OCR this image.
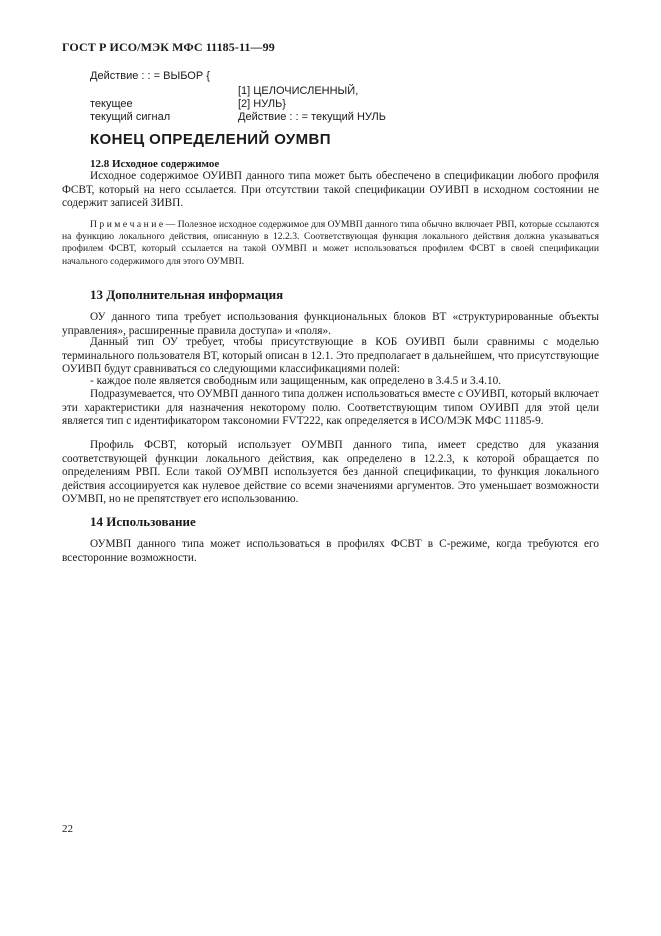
ГОСТ Р ИСО/МЭК МФС 11185-11—99
Действие : : = ВЫБОР {
[1] ЦЕЛОЧИСЛЕННЫЙ,
текущее	[2] НУЛЬ}
текущий сигнал	Действие : : = текущий НУЛЬ
КОНЕЦ ОПРЕДЕЛЕНИЙ ОУМВП
12.8 Исходное содержимое

Исходное содержимое ОУИВП данного типа может быть обеспечено в спецификации любого профиля ФСВТ, который на него ссылается. При отсутствии такой спецификации ОУИВП в исходном состоянии не содержит записей ЗИВП.

П р и м е ч а н и е — Полезное исходное содержимое для ОУМВП данного типа обычно включает РВП, которые ссылаются на функцию локального действия, описанную в 12.2.3. Соответствующая функция локального действия должна указываться профилем ФСВТ, который ссылается на такой ОУМВП и может использоваться профилем ФСВТ в своей спецификации начального содержимого для этого ОУМВП.

13 Дополнительная информация

ОУ данного типа требует использования функциональных блоков ВТ «структурированные объекты управления», расширенные правила доступа» и «поля».

Данный тип ОУ требует, чтобы присутствующие в КОБ ОУИВП были сравнимы с моделью терминального пользователя ВТ, который описан в 12.1. Это предполагает в дальнейшем, что присутствующие ОУИВП будут сравниваться со следующими классификациями полей:

- каждое поле является свободным или защищенным, как определено в 3.4.5 и 3.4.10.

Подразумевается, что ОУМВП данного типа должен использоваться вместе с ОУИВП, который включает эти характеристики для назначения некоторому полю. Соответствующим типом ОУИВП для этой цели является тип с идентификатором таксономии FVT222, как определяется в ИСО/МЭК МФС 11185-9.

Профиль ФСВТ, который использует ОУМВП данного типа, имеет средство для указания соответствующей функции локального действия, как определено в 12.2.3, к которой обращается по определениям РВП. Если такой ОУМВП используется без данной спецификации, то функция локального действия ассоциируется как нулевое действие со всеми значениями аргументов. Это уменьшает возможности ОУМВП, но не препятствует его использованию.

14 Использование

ОУМВП данного типа может использоваться в профилях ФСВТ в С-режиме, когда требуются его всесторонние возможности.

22
